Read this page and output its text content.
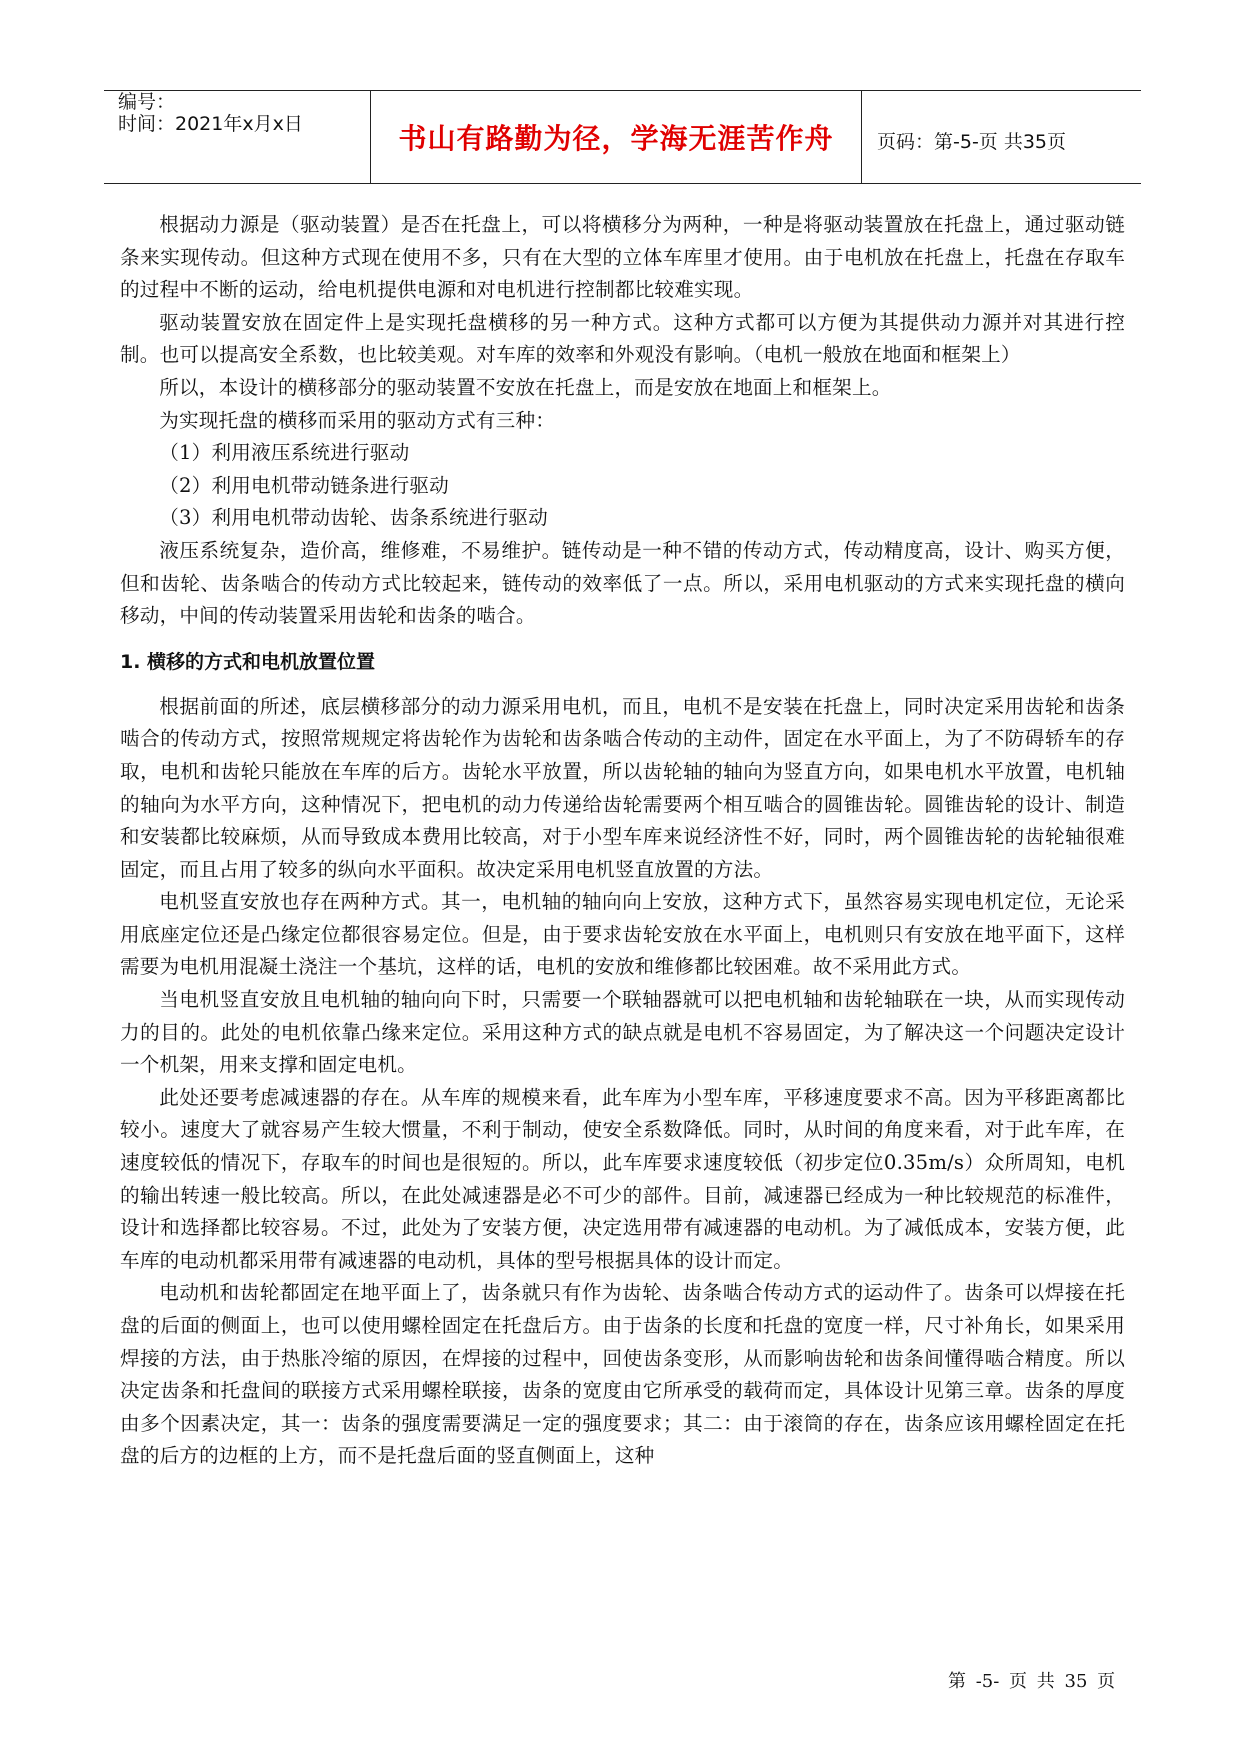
编号：
时间：2021年x月x日	书山有路勤为径，学海无涯苦作舟	页码：第-5-页 共35页

根据动力源是（驱动装置）是否在托盘上，可以将横移分为两种，一种是将驱动装置放在托盘上，通过驱动链条来实现传动。但这种方式现在使用不多，只有在大型的立体车库里才使用。由于电机放在托盘上，托盘在存取车的过程中不断的运动，给电机提供电源和对电机进行控制都比较难实现。

驱动装置安放在固定件上是实现托盘横移的另一种方式。这种方式都可以方便为其提供动力源并对其进行控制。也可以提高安全系数，也比较美观。对车库的效率和外观没有影响。（电机一般放在地面和框架上）

所以，本设计的横移部分的驱动装置不安放在托盘上，而是安放在地面上和框架上。

为实现托盘的横移而采用的驱动方式有三种：

（1）利用液压系统进行驱动

（2）利用电机带动链条进行驱动

（3）利用电机带动齿轮、齿条系统进行驱动

液压系统复杂，造价高，维修难，不易维护。链传动是一种不错的传动方式，传动精度高，设计、购买方便，但和齿轮、齿条啮合的传动方式比较起来，链传动的效率低了一点。所以，采用电机驱动的方式来实现托盘的横向移动，中间的传动装置采用齿轮和齿条的啮合。

1. 横移的方式和电机放置位置

根据前面的所述，底层横移部分的动力源采用电机，而且，电机不是安装在托盘上，同时决定采用齿轮和齿条啮合的传动方式，按照常规规定将齿轮作为齿轮和齿条啮合传动的主动件，固定在水平面上，为了不防碍轿车的存取，电机和齿轮只能放在车库的后方。齿轮水平放置，所以齿轮轴的轴向为竖直方向，如果电机水平放置，电机轴的轴向为水平方向，这种情况下，把电机的动力传递给齿轮需要两个相互啮合的圆锥齿轮。圆锥齿轮的设计、制造和安装都比较麻烦，从而导致成本费用比较高，对于小型车库来说经济性不好，同时，两个圆锥齿轮的齿轮轴很难固定，而且占用了较多的纵向水平面积。故决定采用电机竖直放置的方法。

电机竖直安放也存在两种方式。其一，电机轴的轴向向上安放，这种方式下，虽然容易实现电机定位，无论采用底座定位还是凸缘定位都很容易定位。但是，由于要求齿轮安放在水平面上，电机则只有安放在地平面下，这样需要为电机用混凝土浇注一个基坑，这样的话，电机的安放和维修都比较困难。故不采用此方式。

当电机竖直安放且电机轴的轴向向下时，只需要一个联轴器就可以把电机轴和齿轮轴联在一块，从而实现传动力的目的。此处的电机依靠凸缘来定位。采用这种方式的缺点就是电机不容易固定，为了解决这一个问题决定设计一个机架，用来支撑和固定电机。

此处还要考虑减速器的存在。从车库的规模来看，此车库为小型车库，平移速度要求不高。因为平移距离都比较小。速度大了就容易产生较大惯量，不利于制动，使安全系数降低。同时，从时间的角度来看，对于此车库，在速度较低的情况下，存取车的时间也是很短的。所以，此车库要求速度较低（初步定位0.35m/s）众所周知，电机的输出转速一般比较高。所以，在此处减速器是必不可少的部件。目前，减速器已经成为一种比较规范的标准件，设计和选择都比较容易。不过，此处为了安装方便，决定选用带有减速器的电动机。为了减低成本，安装方便，此车库的电动机都采用带有减速器的电动机，具体的型号根据具体的设计而定。

电动机和齿轮都固定在地平面上了，齿条就只有作为齿轮、齿条啮合传动方式的运动件了。齿条可以焊接在托盘的后面的侧面上，也可以使用螺栓固定在托盘后方。由于齿条的长度和托盘的宽度一样，尺寸补角长，如果采用焊接的方法，由于热胀冷缩的原因，在焊接的过程中，回使齿条变形，从而影响齿轮和齿条间懂得啮合精度。所以决定齿条和托盘间的联接方式采用螺栓联接，齿条的宽度由它所承受的载荷而定，具体设计见第三章。齿条的厚度由多个因素决定，其一：齿条的强度需要满足一定的强度要求；其二：由于滚筒的存在，齿条应该用螺栓固定在托盘的后方的边框的上方，而不是托盘后面的竖直侧面上，这种

第 -5- 页 共 35 页
